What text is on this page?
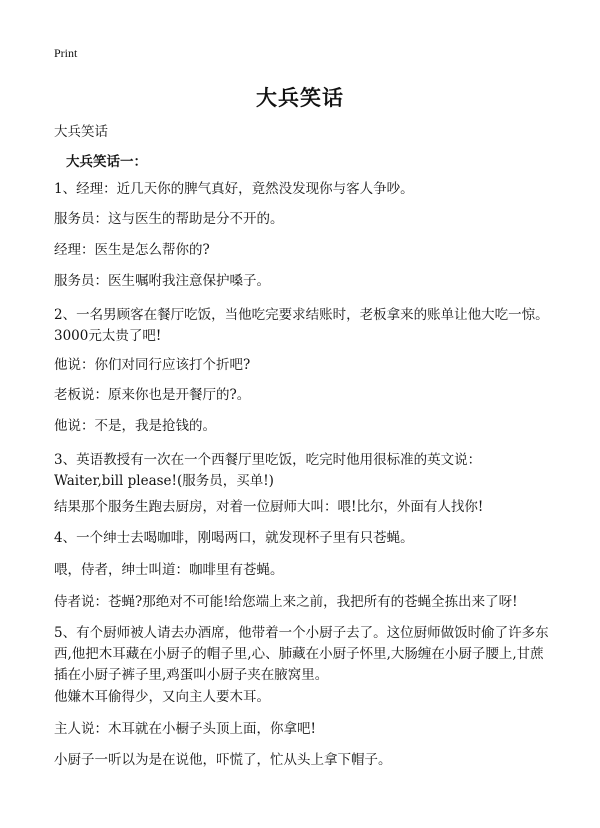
Print
大兵笑话
大兵笑话
大兵笑话一：
1、经理：近几天你的脾气真好，竟然没发现你与客人争吵。
服务员：这与医生的帮助是分不开的。
经理：医生是怎么帮你的?
服务员：医生嘱咐我注意保护嗓子。
2、一名男顾客在餐厅吃饭，当他吃完要求结账时，老板拿来的账单让他大吃一惊。3000元太贵了吧!
他说：你们对同行应该打个折吧?
老板说：原来你也是开餐厅的?。
他说：不是，我是抢钱的。
3、英语教授有一次在一个西餐厅里吃饭，吃完时他用很标准的英文说：Waiter,bill please!(服务员，买单!)
结果那个服务生跑去厨房，对着一位厨师大叫：喂!比尔，外面有人找你!
4、一个绅士去喝咖啡，刚喝两口，就发现杯子里有只苍蝇。
喂，侍者，绅士叫道：咖啡里有苍蝇。
侍者说：苍蝇?那绝对不可能!给您端上来之前，我把所有的苍蝇全拣出来了呀!
5、有个厨师被人请去办酒席，他带着一个小厨子去了。这位厨师做饭时偷了许多东西,他把木耳藏在小厨子的帽子里,心、肺藏在小厨子怀里,大肠缠在小厨子腰上,甘蔗插在小厨子裤子里,鸡蛋叫小厨子夹在腋窝里。
他嫌木耳偷得少，又向主人要木耳。
主人说：木耳就在小橱子头顶上面，你拿吧!
小厨子一听以为是在说他，吓慌了，忙从头上拿下帽子。
